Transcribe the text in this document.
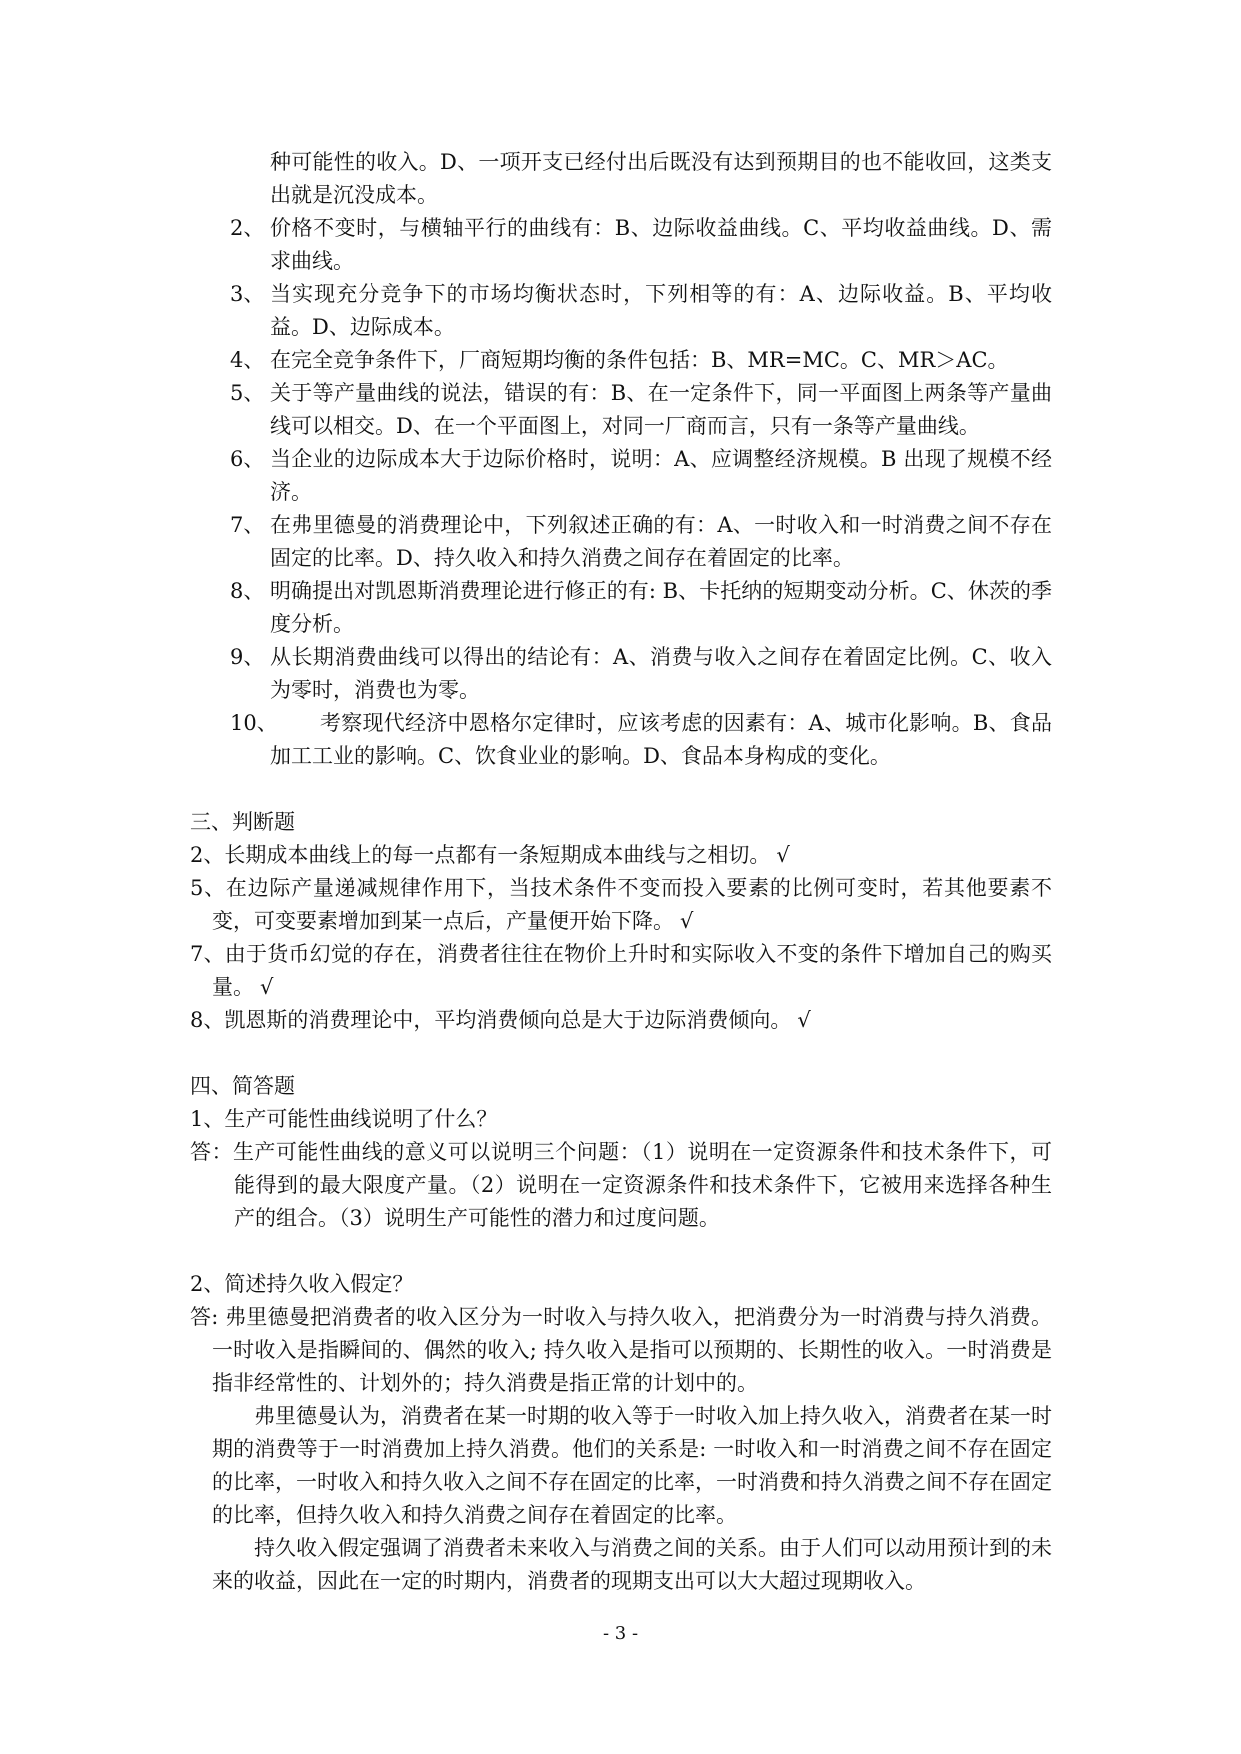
种可能性的收入。D、一项开支已经付出后既没有达到预期目的也不能收回，这类支出就是沉没成本。
2、 价格不变时，与横轴平行的曲线有：B、边际收益曲线。C、平均收益曲线。D、需求曲线。
3、 当实现充分竞争下的市场均衡状态时，下列相等的有：A、边际收益。B、平均收益。D、边际成本。
4、 在完全竞争条件下，厂商短期均衡的条件包括：B、MR=MC。C、MR＞AC。
5、 关于等产量曲线的说法，错误的有：B、在一定条件下，同一平面图上两条等产量曲线可以相交。D、在一个平面图上，对同一厂商而言，只有一条等产量曲线。
6、 当企业的边际成本大于边际价格时，说明：A、应调整经济规模。B 出现了规模不经济。
7、 在弗里德曼的消费理论中，下列叙述正确的有：A、一时收入和一时消费之间不存在固定的比率。D、持久收入和持久消费之间存在着固定的比率。
8、 明确提出对凯恩斯消费理论进行修正的有: B、卡托纳的短期变动分析。C、休茨的季度分析。
9、 从长期消费曲线可以得出的结论有：A、消费与收入之间存在着固定比例。C、收入为零时，消费也为零。
10、	考察现代经济中恩格尔定律时，应该考虑的因素有：A、城市化影响。B、食品加工工业的影响。C、饮食业业的影响。D、食品本身构成的变化。
三、判断题
2、长期成本曲线上的每一点都有一条短期成本曲线与之相切。 √
5、在边际产量递减规律作用下，当技术条件不变而投入要素的比例可变时，若其他要素不变，可变要素增加到某一点后，产量便开始下降。 √
7、由于货币幻觉的存在，消费者往往在物价上升时和实际收入不变的条件下增加自己的购买量。 √
8、凯恩斯的消费理论中，平均消费倾向总是大于边际消费倾向。 √
四、简答题
1、生产可能性曲线说明了什么？
答：生产可能性曲线的意义可以说明三个问题：（1）说明在一定资源条件和技术条件下，可能得到的最大限度产量。（2）说明在一定资源条件和技术条件下，它被用来选择各种生产的组合。（3）说明生产可能性的潜力和过度问题。
2、简述持久收入假定？
答: 弗里德曼把消费者的收入区分为一时收入与持久收入，把消费分为一时消费与持久消费。一时收入是指瞬间的、偶然的收入; 持久收入是指可以预期的、长期性的收入。一时消费是指非经常性的、计划外的；持久消费是指正常的计划中的。
弗里德曼认为，消费者在某一时期的收入等于一时收入加上持久收入，消费者在某一时期的消费等于一时消费加上持久消费。他们的关系是: 一时收入和一时消费之间不存在固定的比率，一时收入和持久收入之间不存在固定的比率，一时消费和持久消费之间不存在固定的比率，但持久收入和持久消费之间存在着固定的比率。
持久收入假定强调了消费者未来收入与消费之间的关系。由于人们可以动用预计到的未来的收益，因此在一定的时期内，消费者的现期支出可以大大超过现期收入。
- 3 -
